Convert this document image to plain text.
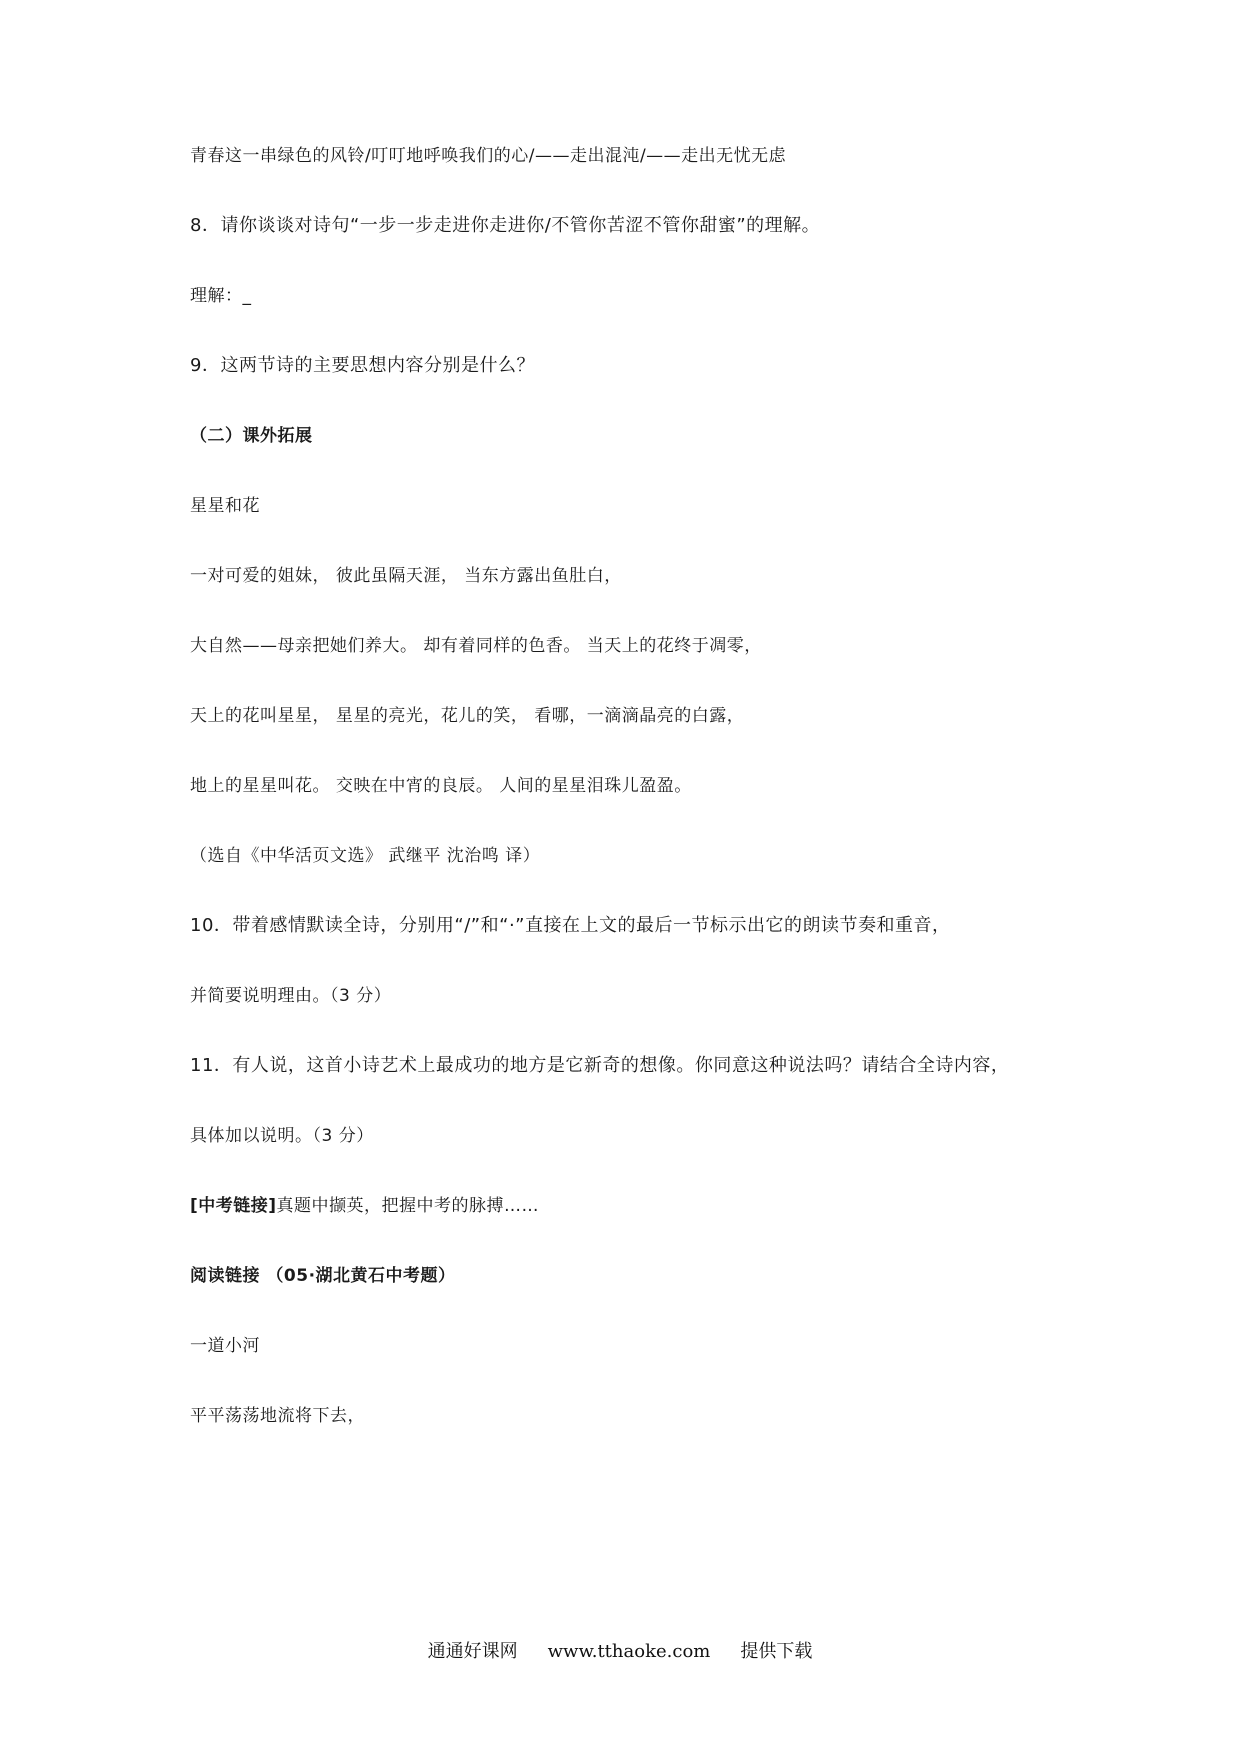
青春这一串绿色的风铃/叮叮地呼唤我们的心/——走出混沌/——走出无忧无虑
8．请你谈谈对诗句“一步一步走进你走进你/不管你苦涩不管你甜蜜”的理解。
理解：_
9．这两节诗的主要思想内容分别是什么？
（二）课外拓展
星星和花
一对可爱的姐妹， 彼此虽隔天涯， 当东方露出鱼肚白，
大自然——母亲把她们养大。 却有着同样的色香。 当天上的花终于凋零，
天上的花叫星星， 星星的亮光，花儿的笑， 看哪，一滴滴晶亮的白露，
地上的星星叫花。 交映在中宵的良辰。 人间的星星泪珠儿盈盈。
（选自《中华活页文选》 武继平 沈治鸣 译）
10．带着感情默读全诗，分别用“/”和“·”直接在上文的最后一节标示出它的朗读节奏和重音，
并简要说明理由。（3 分）
11．有人说，这首小诗艺术上最成功的地方是它新奇的想像。你同意这种说法吗？请结合全诗内容，
具体加以说明。（3 分）
[中考链接]真题中撷英，把握中考的脉搏……
阅读链接 （05·湖北黄石中考题）
一道小河
平平荡荡地流将下去，
通通好课网 www.tthaoke.com 提供下载
